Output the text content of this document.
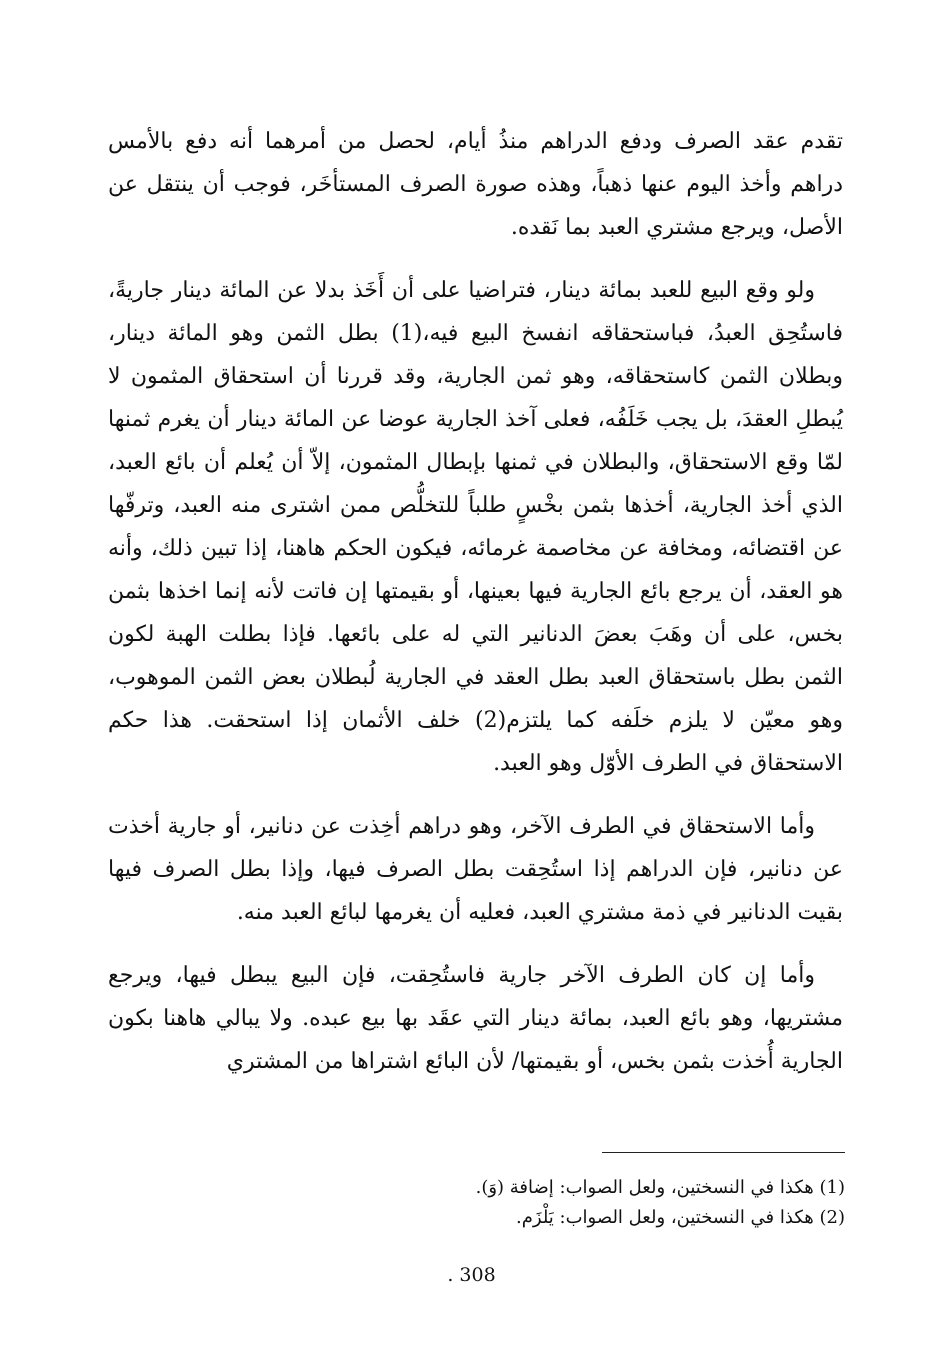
تقدم عقد الصرف ودفع الدراهم منذُ أيام، لحصل من أمرهما أنه دفع بالأمس دراهم وأخذ اليوم عنها ذهباً، وهذه صورة الصرف المستأخَر، فوجب أن ينتقل عن الأصل، ويرجع مشتري العبد بما نَقده.

ولو وقع البيع للعبد بمائة دينار، فتراضيا على أن أَخَذ بدلا عن المائة دينار جاريةً، فاستُحِق العبدُ، فباستحقاقه انفسخ البيع فيه،(1) بطل الثمن وهو المائة دينار، وبطلان الثمن كاستحقاقه، وهو ثمن الجارية، وقد قررنا أن استحقاق المثمون لا يُبطلِ العقدَ، بل يجب خَلَفُه، فعلى آخذ الجارية عوضا عن المائة دينار أن يغرم ثمنها لمّا وقع الاستحقاق، والبطلان في ثمنها بإبطال المثمون، إلاّ أن يُعلم أن بائع العبد، الذي أخذ الجارية، أخذها بثمن بخْسٍ طلباً للتخلُّص ممن اشترى منه العبد، وترفّها عن اقتضائه، ومخافة عن مخاصمة غرمائه، فيكون الحكم هاهنا، إذا تبين ذلك، وأنه هو العقد، أن يرجع بائع الجارية فيها بعينها، أو بقيمتها إن فاتت لأنه إنما اخذها بثمن بخس، على أن وهَبَ بعضَ الدنانير التي له على بائعها. فإذا بطلت الهبة لكون الثمن بطل باستحقاق العبد بطل العقد في الجارية لُبطلان بعض الثمن الموهوب، وهو معيّن لا يلزم خلَفه كما يلتزم(2) خلف الأثمان إذا استحقت. هذا حكم الاستحقاق في الطرف الأوّل وهو العبد.

وأما الاستحقاق في الطرف الآخر، وهو دراهم أخِذت عن دنانير، أو جارية أخذت عن دنانير، فإن الدراهم إذا استُحِقت بطل الصرف فيها، وإذا بطل الصرف فيها بقيت الدنانير في ذمة مشتري العبد، فعليه أن يغرمها لبائع العبد منه.

وأما إن كان الطرف الآخر جارية فاستُحِقت، فإن البيع يبطل فيها، ويرجع مشتريها، وهو بائع العبد، بمائة دينار التي عقَد بها بيع عبده. ولا يبالي هاهنا بكون الجارية أُخذت بثمن بخس، أو بقيمتها/ لأن البائع اشتراها من المشتري

(1) هكذا في النسختين، ولعل الصواب: إضافة (وَ).
(2) هكذا في النسختين، ولعل الصواب: يَلْزَم.
. 308
